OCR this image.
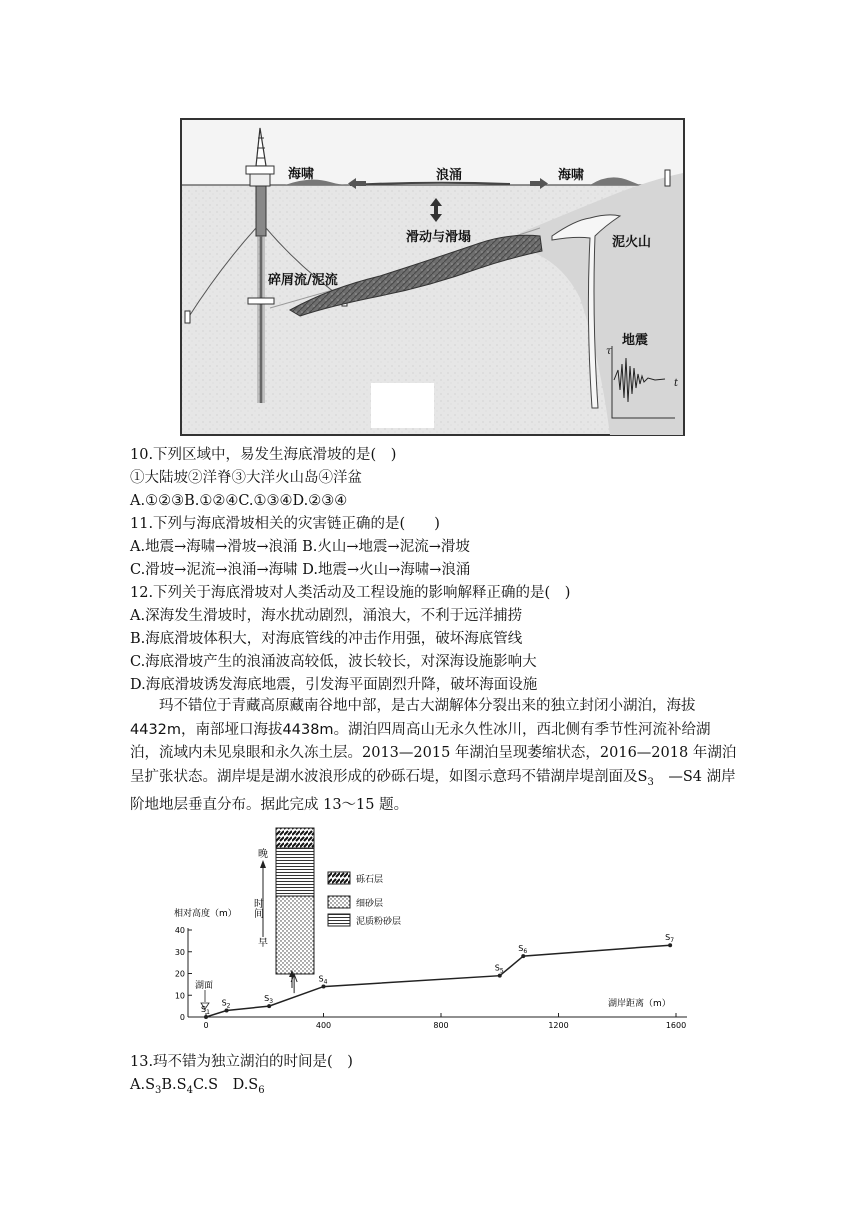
海啸	浪涌	海啸
滑动与滑塌
碎屑流/泥流
泥火山
地震
τ
t
10.下列区域中，易发生海底滑坡的是(　)
①大陆坡②洋脊③大洋火山岛④洋盆
A.①②③B.①②④C.①③④D.②③④
11.下列与海底滑坡相关的灾害链正确的是(　　)
A.地震→海啸→滑坡→浪涌 B.火山→地震→泥流→滑坡
C.滑坡→泥流→浪涌→海啸 D.地震→火山→海啸→浪涌
12.下列关于海底滑坡对人类活动及工程设施的影响解释正确的是(　)
A.深海发生滑坡时，海水扰动剧烈，涌浪大，不利于远洋捕捞
B.海底滑坡体积大，对海底管线的冲击作用强，破坏海底管线
C.海底滑坡产生的浪涌波高较低，波长较长，对深海设施影响大
D.海底滑坡诱发海底地震，引发海平面剧烈升降，破坏海面设施

玛不错位于青藏高原藏南谷地中部，是古大湖解体分裂出来的独立封闭小湖泊，海拔4432m，南部垭口海拔4438m。湖泊四周高山无永久性冰川，西北侧有季节性河流补给湖泊，流域内未见泉眼和永久冻土层。2013—2015 年湖泊呈现萎缩状态，2016—2018 年湖泊呈扩张状态。湖岸堤是湖水波浪形成的砂砾石堤，如图示意玛不错湖岸堤剖面及$S_3$　 —S4 湖岸阶地地层垂直分布。据此完成 13～15 题。

晚
时间
早
砾石层
细砂层
泥质粉砂层
相对高度（m）
湖岸距离（m）
湖面
0
10
20
30
40
0	400	800	1200	1600
$S_1$
$S_2$
$S_3$
$S_4$
$S_5$
$S_6$
$S_7$
13.玛不错为独立湖泊的时间是(　)
$A.S_3B.S_4C.S$　$D.S_6$
